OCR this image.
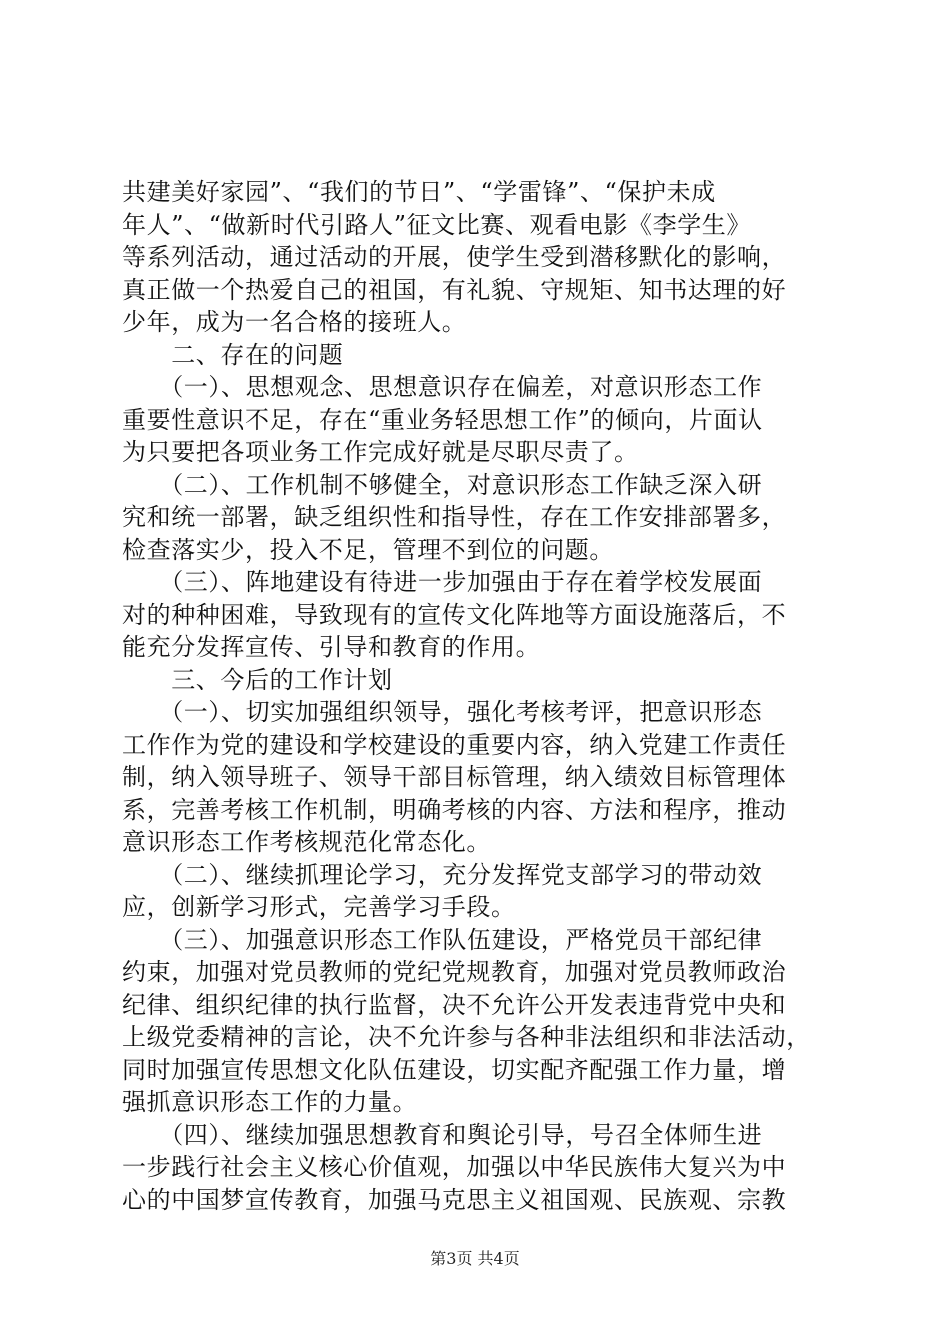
共建美好家园”、“我们的节日”、“学雷锋”、“保护未成
年人”、“做新时代引路人”征文比赛、观看电影《李学生》
等系列活动，通过活动的开展，使学生受到潜移默化的影响，
真正做一个热爱自己的祖国，有礼貌、守规矩、知书达理的好
少年，成为一名合格的接班人。
　　二、存在的问题
　　（一）、思想观念、思想意识存在偏差，对意识形态工作
重要性意识不足，存在“重业务轻思想工作”的倾向，片面认
为只要把各项业务工作完成好就是尽职尽责了。
　　（二）、工作机制不够健全，对意识形态工作缺乏深入研
究和统一部署，缺乏组织性和指导性，存在工作安排部署多，
检查落实少，投入不足，管理不到位的问题。
　　（三）、阵地建设有待进一步加强由于存在着学校发展面
对的种种困难，导致现有的宣传文化阵地等方面设施落后，不
能充分发挥宣传、引导和教育的作用。
　　三、今后的工作计划
　　（一）、切实加强组织领导，强化考核考评，把意识形态
工作作为党的建设和学校建设的重要内容，纳入党建工作责任
制，纳入领导班子、领导干部目标管理，纳入绩效目标管理体
系，完善考核工作机制，明确考核的内容、方法和程序，推动
意识形态工作考核规范化常态化。
　　（二）、继续抓理论学习，充分发挥党支部学习的带动效
应，创新学习形式，完善学习手段。
　　（三）、加强意识形态工作队伍建设，严格党员干部纪律
约束，加强对党员教师的党纪党规教育，加强对党员教师政治
纪律、组织纪律的执行监督，决不允许公开发表违背党中央和
上级党委精神的言论，决不允许参与各种非法组织和非法活动，
同时加强宣传思想文化队伍建设，切实配齐配强工作力量，增
强抓意识形态工作的力量。
　　（四）、继续加强思想教育和舆论引导，号召全体师生进
一步践行社会主义核心价值观，加强以中华民族伟大复兴为中
心的中国梦宣传教育，加强马克思主义祖国观、民族观、宗教
第3页 共4页
